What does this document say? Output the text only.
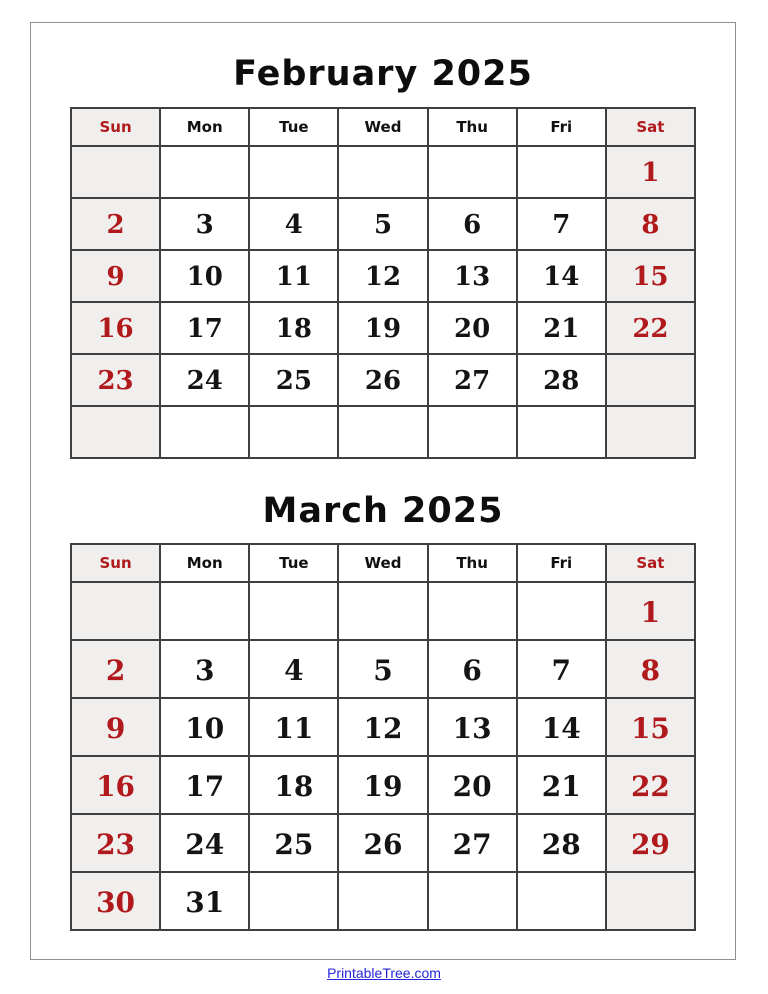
February 2025
Sun	Mon	Tue	Wed	Thu	Fri	Sat
						1
2	3	4	5	6	7	8
9	10	11	12	13	14	15
16	17	18	19	20	21	22
23	24	25	26	27	28	

March 2025
Sun	Mon	Tue	Wed	Thu	Fri	Sat
						1
2	3	4	5	6	7	8
9	10	11	12	13	14	15
16	17	18	19	20	21	22
23	24	25	26	27	28	29
30	31					
PrintableTree.com
